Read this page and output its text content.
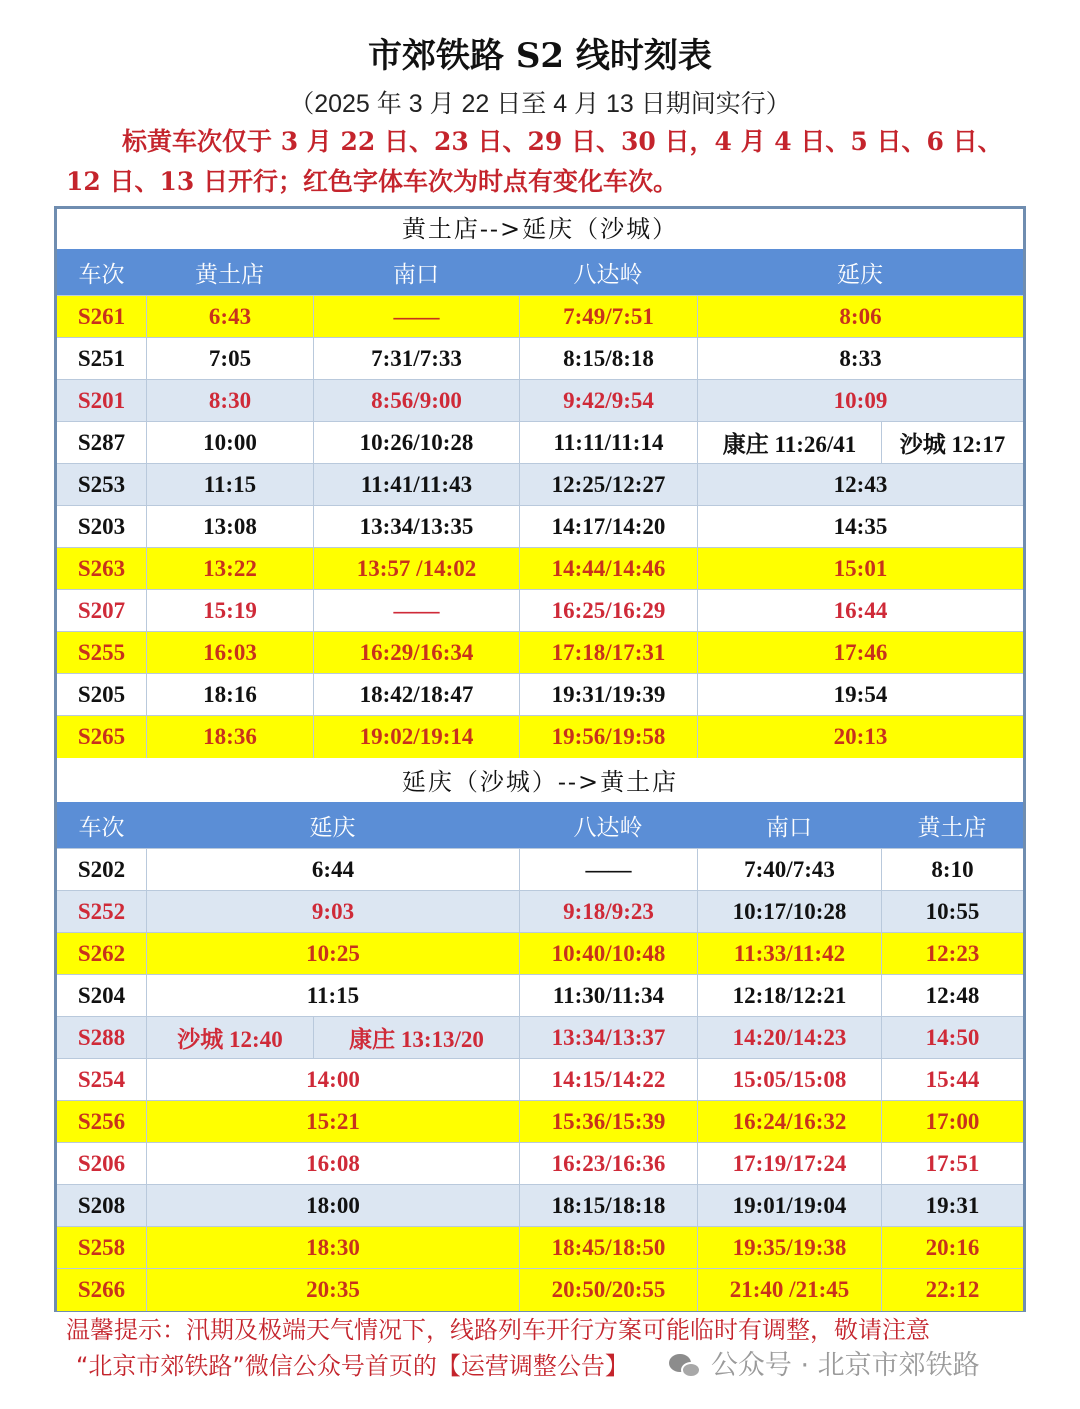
市郊铁路 S2 线时刻表
（2025 年 3 月 22 日至 4 月 13 日期间实行）
标黄车次仅于 3 月 22 日、23 日、29 日、30 日，4 月 4 日、5 日、6 日、12 日、13 日开行；红色字体车次为时点有变化车次。
黄土店-->延庆（沙城）
车次	黄土店	南口	八达岭	延庆
S261	6:43	——	7:49/7:51	8:06
S251	7:05	7:31/7:33	8:15/8:18	8:33
S201	8:30	8:56/9:00	9:42/9:54	10:09
S287	10:00	10:26/10:28	11:11/11:14	康庄 11:26/41	沙城 12:17
S253	11:15	11:41/11:43	12:25/12:27	12:43
S203	13:08	13:34/13:35	14:17/14:20	14:35
S263	13:22	13:57 /14:02	14:44/14:46	15:01
S207	15:19	——	16:25/16:29	16:44
S255	16:03	16:29/16:34	17:18/17:31	17:46
S205	18:16	18:42/18:47	19:31/19:39	19:54
S265	18:36	19:02/19:14	19:56/19:58	20:13
延庆（沙城）-->黄土店
车次	延庆	八达岭	南口	黄土店
S202	6:44	——	7:40/7:43	8:10
S252	9:03	9:18/9:23	10:17/10:28	10:55
S262	10:25	10:40/10:48	11:33/11:42	12:23
S204	11:15	11:30/11:34	12:18/12:21	12:48
S288	沙城 12:40	康庄 13:13/20	13:34/13:37	14:20/14:23	14:50
S254	14:00	14:15/14:22	15:05/15:08	15:44
S256	15:21	15:36/15:39	16:24/16:32	17:00
S206	16:08	16:23/16:36	17:19/17:24	17:51
S208	18:00	18:15/18:18	19:01/19:04	19:31
S258	18:30	18:45/18:50	19:35/19:38	20:16
S266	20:35	20:50/20:55	21:40 /21:45	22:12
温馨提示：汛期及极端天气情况下，线路列车开行方案可能临时有调整，敬请注意
“北京市郊铁路”微信公众号首页的【运营调整公告】	公众号 · 北京市郊铁路
